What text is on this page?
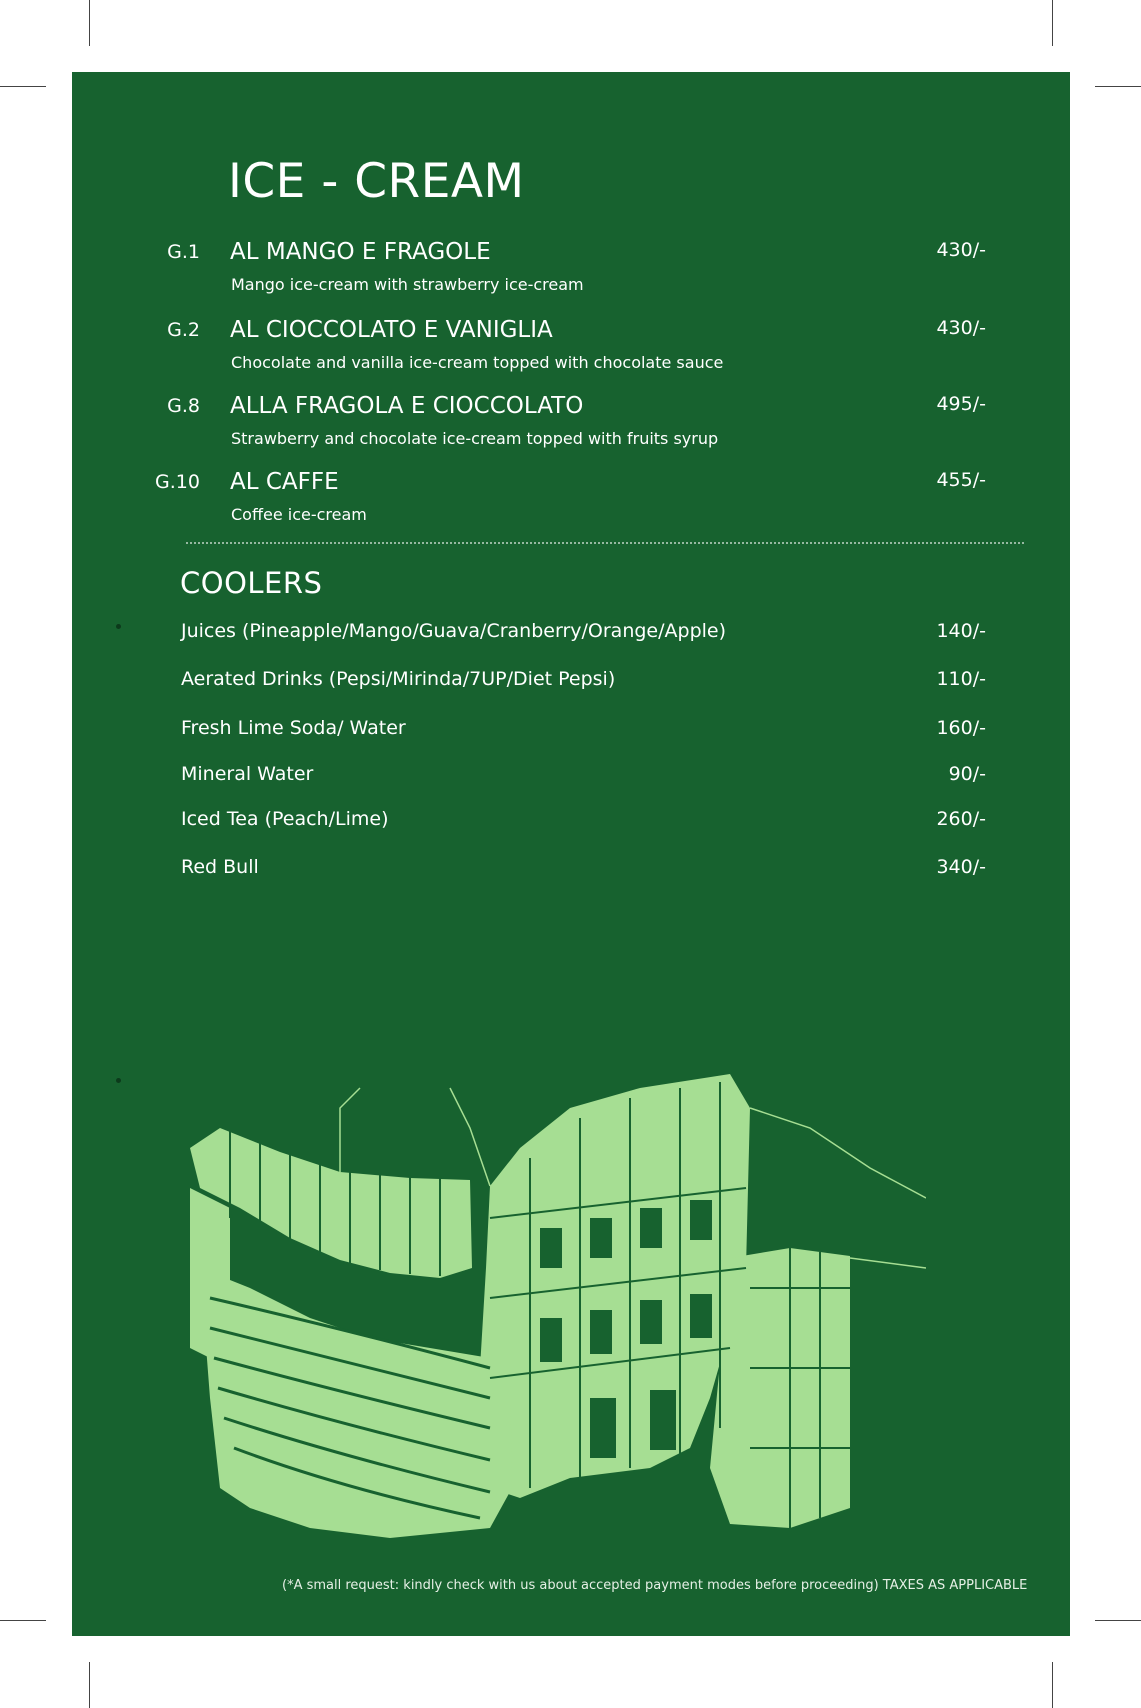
ICE - CREAM
G.1 AL MANGO E FRAGOLE
Mango ice-cream with strawberry ice-cream
430/-
G.2 AL CIOCCOLATO E VANIGLIA
Chocolate and vanilla ice-cream topped with chocolate sauce
430/-
G.8 ALLA FRAGOLA E CIOCCOLATO
Strawberry and chocolate ice-cream topped with fruits syrup
495/-
G.10 AL CAFFE
Coffee ice-cream
455/-
COOLERS
Juices (Pineapple/Mango/Guava/Cranberry/Orange/Apple)	140/-
Aerated Drinks (Pepsi/Mirinda/7UP/Diet Pepsi)	110/-
Fresh Lime Soda/ Water	160/-
Mineral Water	90/-
Iced Tea (Peach/Lime)	260/-
Red Bull	340/-
(*A small request: kindly check with us about accepted payment modes before proceeding) TAXES AS APPLICABLE
